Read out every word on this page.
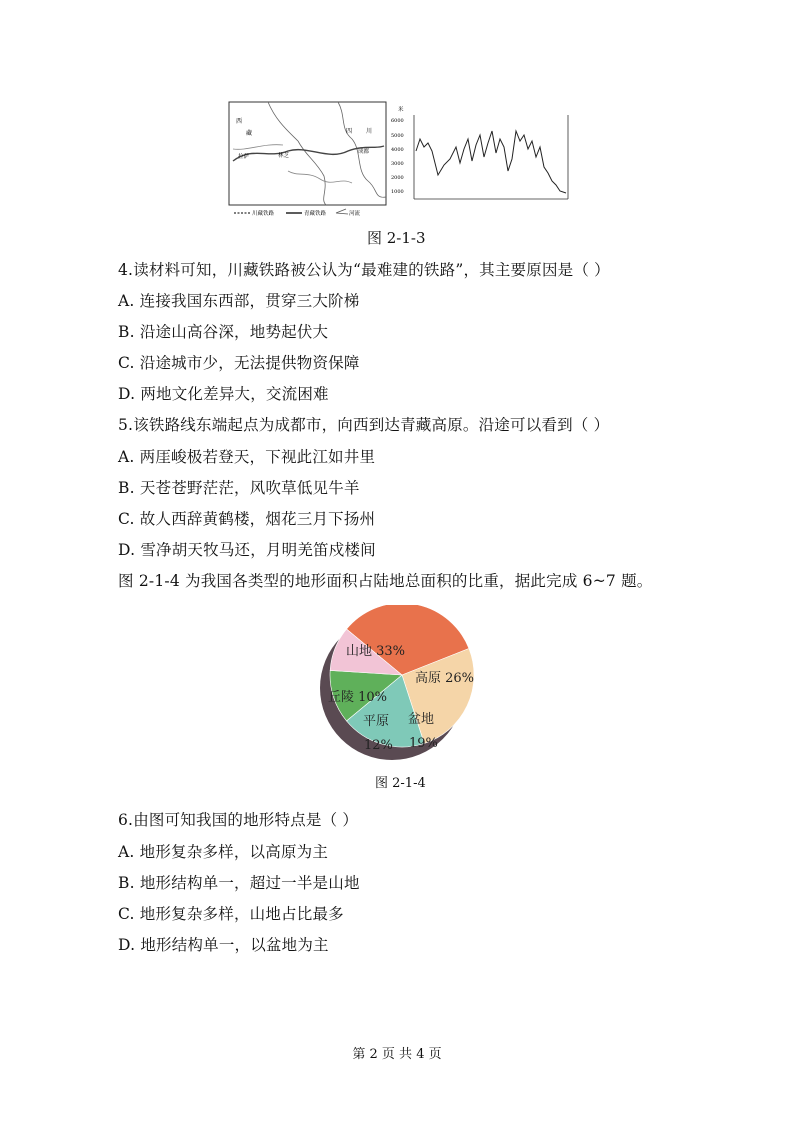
西
藏
拉萨	林芝
四 川
成都
川藏铁路	青藏铁路	河流
米
6000
5000
4000
3000
2000
1000
图 2-1-3
4.读材料可知，川藏铁路被公认为“最难建的铁路”，其主要原因是（ ）
A. 连接我国东西部，贯穿三大阶梯
B. 沿途山高谷深，地势起伏大
C. 沿途城市少，无法提供物资保障
D. 两地文化差异大，交流困难
5.该铁路线东端起点为成都市，向西到达青藏高原。沿途可以看到（ ）
A. 两厓峻极若登天，下视此江如井里
B. 天苍苍野茫茫，风吹草低见牛羊
C. 故人西辞黄鹤楼，烟花三月下扬州
D. 雪净胡天牧马还，月明羌笛戍楼间
图 2-1-4 为我国各类型的地形面积占陆地总面积的比重，据此完成 6~7 题。
山地 33%
高原 26%
盆地
19%
平原
12%
丘陵 10%
图 2-1-4
6.由图可知我国的地形特点是（ ）
A. 地形复杂多样，以高原为主
B. 地形结构单一，超过一半是山地
C. 地形复杂多样，山地占比最多
D. 地形结构单一，以盆地为主
第 2 页 共 4 页
